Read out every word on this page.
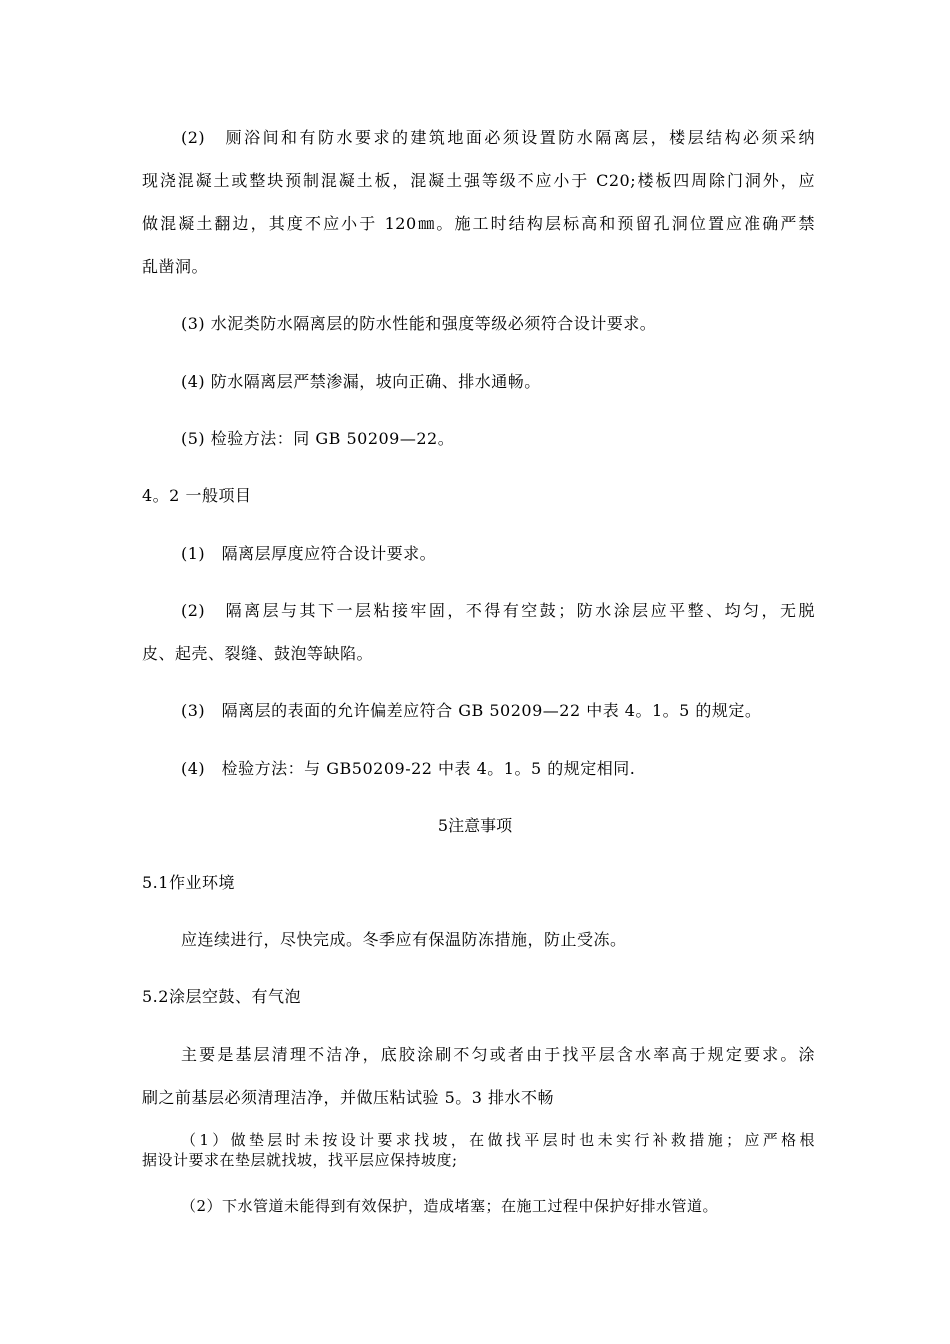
(2)　厕浴间和有防水要求的建筑地面必须设置防水隔离层，楼层结构必须采纳
现浇混凝土或整块预制混凝土板，混凝土强等级不应小于 C20;楼板四周除门洞外，应
做混凝土翻边，其度不应小于 120㎜。施工时结构层标高和预留孔洞位置应准确严禁
乱凿洞。
(3) 水泥类防水隔离层的防水性能和强度等级必须符合设计要求。
(4) 防水隔离层严禁渗漏，坡向正确、排水通畅。
(5) 检验方法：同 GB 50209—22。
4。2 一般项目
(1)　隔离层厚度应符合设计要求。
(2)　隔离层与其下一层粘接牢固，不得有空鼓；防水涂层应平整、均匀，无脱
皮、起壳、裂缝、鼓泡等缺陷。
(3)　隔离层的表面的允许偏差应符合 GB 50209—22 中表 4。1。5 的规定。
(4)　检验方法：与 GB50209-22 中表 4。1。5 的规定相同.
5注意事项
5.1作业环境
应连续进行，尽快完成。冬季应有保温防冻措施，防止受冻。
5.2涂层空鼓、有气泡
主要是基层清理不洁净，底胶涂刷不匀或者由于找平层含水率高于规定要求。涂
刷之前基层必须清理洁净，并做压粘试验 5。3 排水不畅
（1）做垫层时未按设计要求找坡，在做找平层时也未实行补救措施；应严格根
据设计要求在垫层就找坡，找平层应保持坡度;
（2）下水管道未能得到有效保护，造成堵塞；在施工过程中保护好排水管道。
